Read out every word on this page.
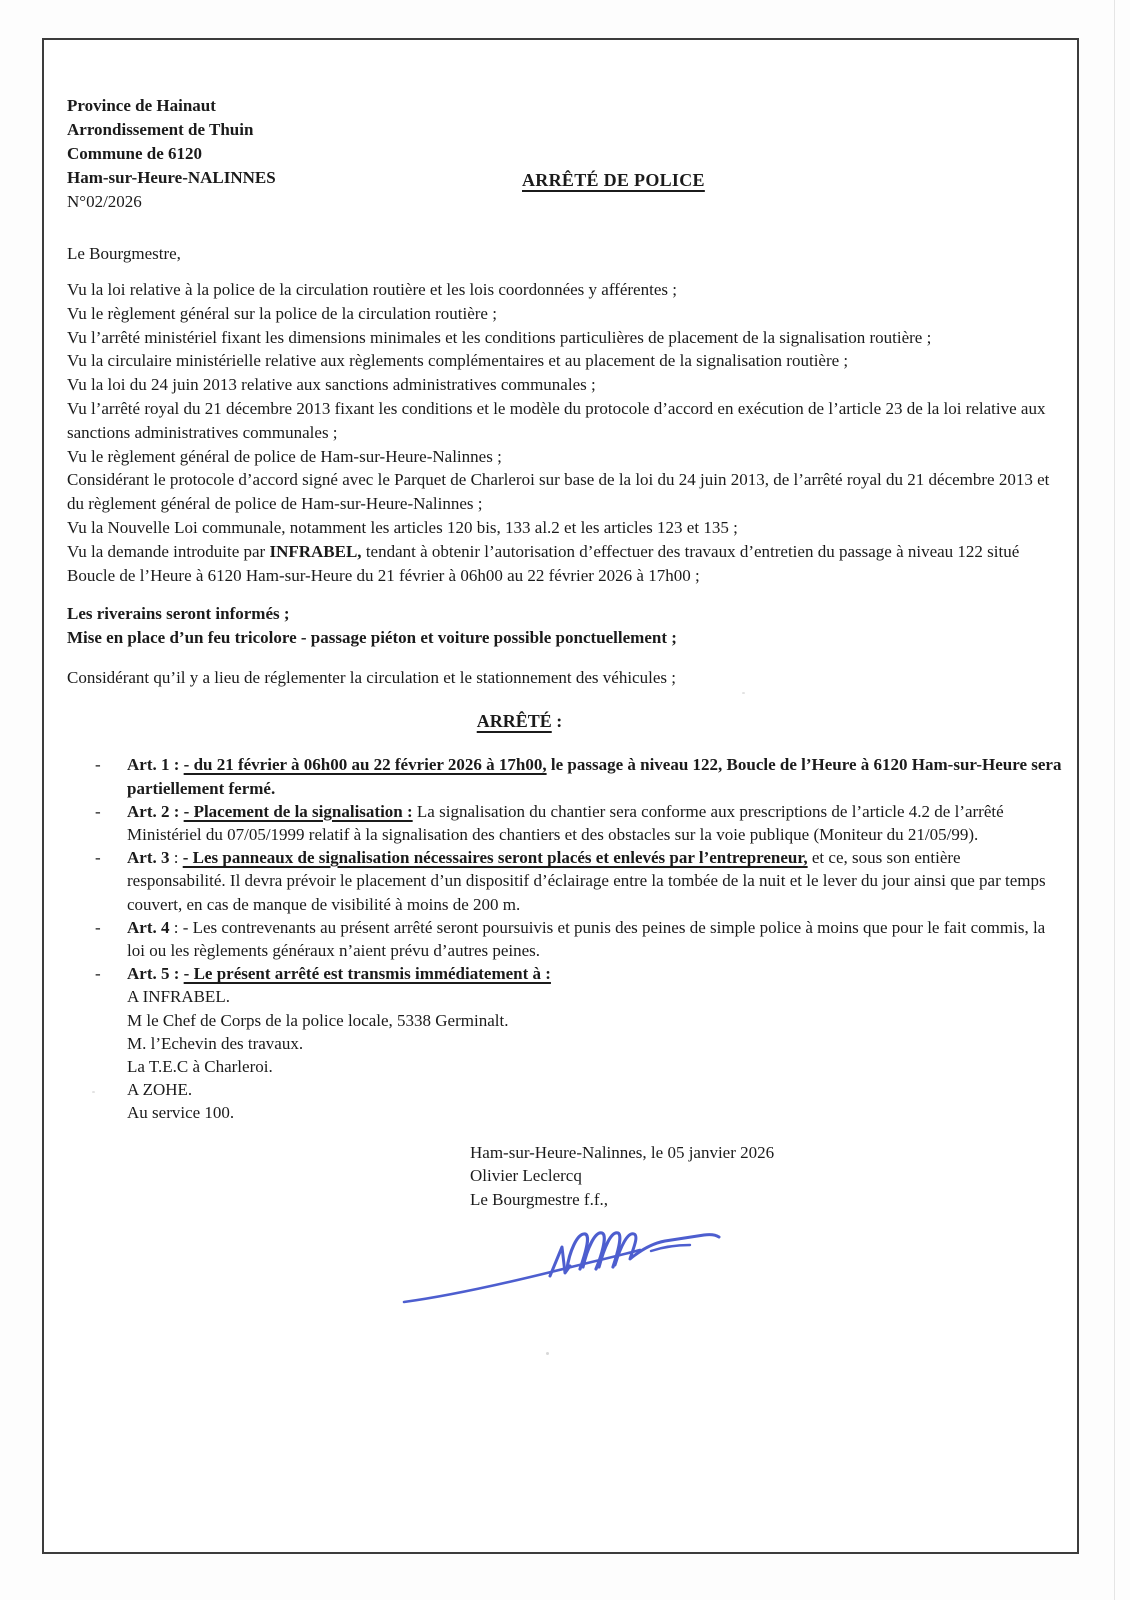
Province de Hainaut
Arrondissement de Thuin
Commune de 6120
Ham-sur-Heure-NALINNES
N°02/2026
ARRÊTÉ DE POLICE

Le Bourgmestre,

Vu la loi relative à la police de la circulation routière et les lois coordonnées y afférentes ;

Vu le règlement général sur la police de la circulation routière ;

Vu l’arrêté ministériel fixant les dimensions minimales et les conditions particulières de placement de la signalisation routière ;

Vu la circulaire ministérielle relative aux règlements complémentaires et au placement de la signalisation routière ;

Vu la loi du 24 juin 2013 relative aux sanctions administratives communales ;

Vu l’arrêté royal du 21 décembre 2013 fixant les conditions et le modèle du protocole d’accord en exécution de l’article 23 de la loi relative aux sanctions administratives communales ;

Vu le règlement général de police de Ham-sur-Heure-Nalinnes ;

Considérant le protocole d’accord signé avec le Parquet de Charleroi sur base de la loi du 24 juin 2013, de l’arrêté royal du 21 décembre 2013 et du règlement général de police de Ham-sur-Heure-Nalinnes ;

Vu la Nouvelle Loi communale, notamment les articles 120 bis, 133 al.2 et les articles 123 et 135 ;

Vu la demande introduite par INFRABEL, tendant à obtenir l’autorisation d’effectuer des travaux d’entretien du passage à niveau 122 situé Boucle de l’Heure à 6120 Ham-sur-Heure du 21 février à 06h00 au 22 février 2026 à 17h00 ;

Les riverains seront informés ;

Mise en place d’un feu tricolore - passage piéton et voiture possible ponctuellement ;

Considérant qu’il y a lieu de réglementer la circulation et le stationnement des véhicules ;

ARRÊTÉ :
- Art. 1 : - du 21 février à 06h00 au 22 février 2026 à 17h00, le passage à niveau 122, Boucle de l’Heure à 6120 Ham-sur-Heure sera partiellement fermé.
- Art. 2 : - Placement de la signalisation : La signalisation du chantier sera conforme aux prescriptions de l’article 4.2 de l’arrêté Ministériel du 07/05/1999 relatif à la signalisation des chantiers et des obstacles sur la voie publique (Moniteur du 21/05/99).
- Art. 3 : - Les panneaux de signalisation nécessaires seront placés et enlevés par l’entrepreneur, et ce, sous son entière responsabilité. Il devra prévoir le placement d’un dispositif d’éclairage entre la tombée de la nuit et le lever du jour ainsi que par temps couvert, en cas de manque de visibilité à moins de 200 m.
- Art. 4 : - Les contrevenants au présent arrêté seront poursuivis et punis des peines de simple police à moins que pour le fait commis, la loi ou les règlements généraux n’aient prévu d’autres peines.
- Art. 5 : - Le présent arrêté est transmis immédiatement à :

A INFRABEL.

M le Chef de Corps de la police locale, 5338 Germinalt.

M. l’Echevin des travaux.

La T.E.C à Charleroi.

A ZOHE.

Au service 100.

Ham-sur-Heure-Nalinnes, le 05 janvier 2026

Olivier Leclercq

Le Bourgmestre f.f.,
